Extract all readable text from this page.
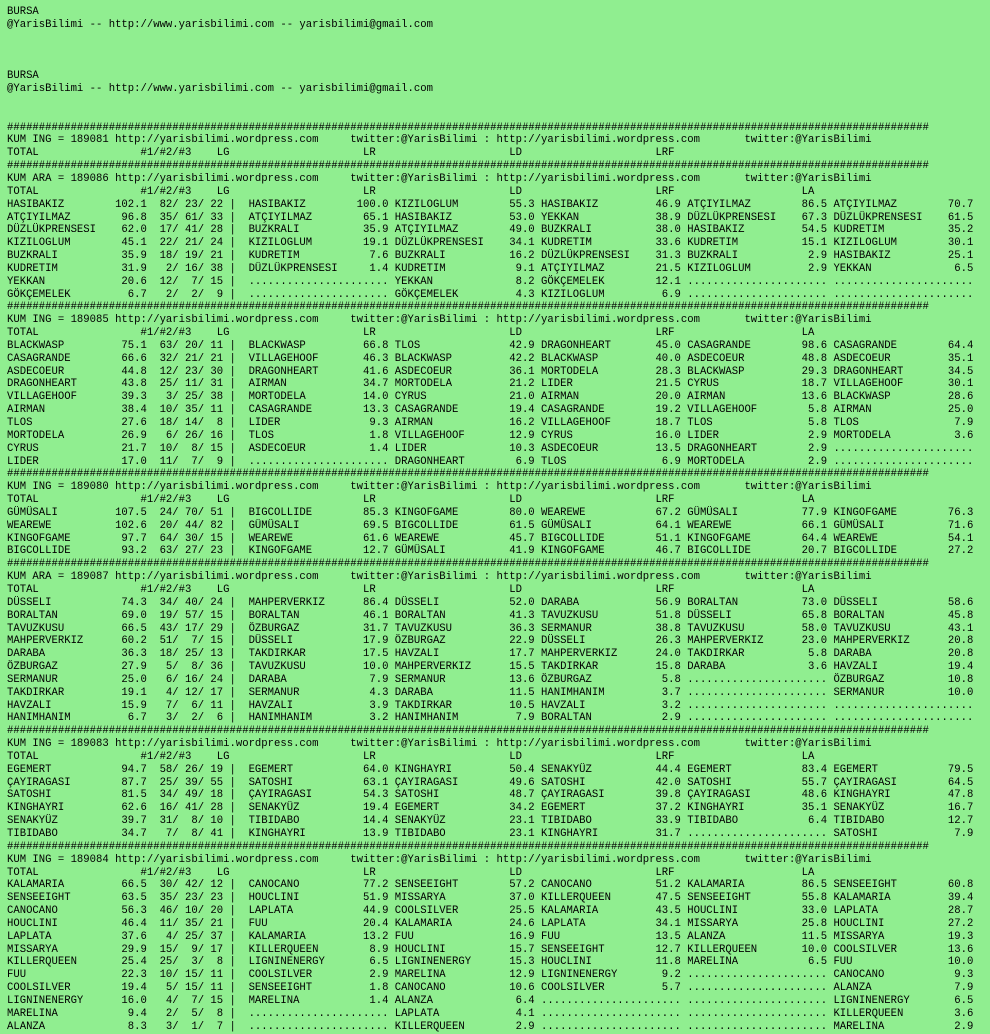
BURSA
@YarisBilimi -- http://www.yarisbilimi.com -- yarisbilimi@gmail.com
BURSA
@YarisBilimi -- http://www.yarisbilimi.com -- yarisbilimi@gmail.com
#################################################################################################################################################
KUM ING = 189081 http://yarisbilimi.wordpress.com     twitter:@YarisBilimi : http://yarisbilimi.wordpress.com       twitter:@YarisBilimi
TOTAL                #1/#2/#3    LG                     LR                     LD                     LRF
#################################################################################################################################################
KUM ARA = 189086 http://yarisbilimi.wordpress.com     twitter:@YarisBilimi : http://yarisbilimi.wordpress.com       twitter:@YarisBilimi
TOTAL                #1/#2/#3    LG                     LR                     LD                     LRF                    LA
HASIBAKIZ        102.1  82/ 23/ 22 |  HASIBAKIZ        100.0 KIZILOGLUM        55.3 HASIBAKIZ         46.9 ATÇIYILMAZ        86.5 ATÇIYILMAZ        70.7
ATÇIYILMAZ        96.8  35/ 61/ 33 |  ATÇIYILMAZ        65.1 HASIBAKIZ         53.0 YEKKAN            38.9 DÜZLÜKPRENSESI    67.3 DÜZLÜKPRENSESI    61.5
DÜZLÜKPRENSESI    62.0  17/ 41/ 28 |  BUZKRALI          35.9 ATÇIYILMAZ        49.0 BUZKRALI          38.0 HASIBAKIZ         54.5 KUDRETIM          35.2
KIZILOGLUM        45.1  22/ 21/ 24 |  KIZILOGLUM        19.1 DÜZLÜKPRENSESI    34.1 KUDRETIM          33.6 KUDRETIM          15.1 KIZILOGLUM        30.1
BUZKRALI          35.9  18/ 19/ 21 |  KUDRETIM           7.6 BUZKRALI          16.2 DÜZLÜKPRENSESI    31.3 BUZKRALI           2.9 HASIBAKIZ         25.1
KUDRETIM          31.9   2/ 16/ 38 |  DÜZLÜKPRENSESI     1.4 KUDRETIM           9.1 ATÇIYILMAZ        21.5 KIZILOGLUM         2.9 YEKKAN             6.5
YEKKAN            20.6  12/  7/ 15 |  ...................... YEKKAN             8.2 GÖKÇEMELEK        12.1 ...................... ......................
GÖKÇEMELEK         6.7   2/  2/  9 |  ...................... GÖKÇEMELEK         4.3 KIZILOGLUM         6.9 ...................... ......................
#################################################################################################################################################
KUM ING = 189085 http://yarisbilimi.wordpress.com     twitter:@YarisBilimi : http://yarisbilimi.wordpress.com       twitter:@YarisBilimi
TOTAL                #1/#2/#3    LG                     LR                     LD                     LRF                    LA
BLACKWASP         75.1  63/ 20/ 11 |  BLACKWASP         66.8 TLOS              42.9 DRAGONHEART       45.0 CASAGRANDE        98.6 CASAGRANDE        64.4
CASAGRANDE        66.6  32/ 21/ 21 |  VILLAGEHOOF       46.3 BLACKWASP         42.2 BLACKWASP         40.0 ASDECOEUR         48.8 ASDECOEUR         35.1
ASDECOEUR         44.8  12/ 23/ 30 |  DRAGONHEART       41.6 ASDECOEUR         36.1 MORTODELA         28.3 BLACKWASP         29.3 DRAGONHEART       34.5
DRAGONHEART       43.8  25/ 11/ 31 |  AIRMAN            34.7 MORTODELA         21.2 LIDER             21.5 CYRUS             18.7 VILLAGEHOOF       30.1
VILLAGEHOOF       39.3   3/ 25/ 38 |  MORTODELA         14.0 CYRUS             21.0 AIRMAN            20.0 AIRMAN            13.6 BLACKWASP         28.6
AIRMAN            38.4  10/ 35/ 11 |  CASAGRANDE        13.3 CASAGRANDE        19.4 CASAGRANDE        19.2 VILLAGEHOOF        5.8 AIRMAN            25.0
TLOS              27.6  18/ 14/  8 |  LIDER              9.3 AIRMAN            16.2 VILLAGEHOOF       18.7 TLOS               5.8 TLOS               7.9
MORTODELA         26.9   6/ 26/ 16 |  TLOS               1.8 VILLAGEHOOF       12.9 CYRUS             16.0 LIDER              2.9 MORTODELA          3.6
CYRUS             21.7  10/  8/ 15 |  ASDECOEUR          1.4 LIDER             10.3 ASDECOEUR         13.5 DRAGONHEART        2.9 ......................
LIDER             17.0  11/  7/  9 |  ...................... DRAGONHEART        6.9 TLOS               6.9 MORTODELA          2.9 ......................
#################################################################################################################################################
KUM ING = 189080 http://yarisbilimi.wordpress.com     twitter:@YarisBilimi : http://yarisbilimi.wordpress.com       twitter:@YarisBilimi
TOTAL                #1/#2/#3    LG                     LR                     LD                     LRF                    LA
GÜMÜSALI         107.5  24/ 70/ 51 |  BIGCOLLIDE        85.3 KINGOFGAME        80.0 WEAREWE           67.2 GÜMÜSALI          77.9 KINGOFGAME        76.3
WEAREWE          102.6  20/ 44/ 82 |  GÜMÜSALI          69.5 BIGCOLLIDE        61.5 GÜMÜSALI          64.1 WEAREWE           66.1 GÜMÜSALI          71.6
KINGOFGAME        97.7  64/ 30/ 15 |  WEAREWE           61.6 WEAREWE           45.7 BIGCOLLIDE        51.1 KINGOFGAME        64.4 WEAREWE           54.1
BIGCOLLIDE        93.2  63/ 27/ 23 |  KINGOFGAME        12.7 GÜMÜSALI          41.9 KINGOFGAME        46.7 BIGCOLLIDE        20.7 BIGCOLLIDE        27.2
#################################################################################################################################################
KUM ARA = 189087 http://yarisbilimi.wordpress.com     twitter:@YarisBilimi : http://yarisbilimi.wordpress.com       twitter:@YarisBilimi
TOTAL                #1/#2/#3    LG                     LR                     LD                     LRF                    LA
DÜSSELI           74.3  34/ 40/ 24 |  MAHPERVERKIZ      86.4 DÜSSELI           52.0 DARABA            56.9 BORALTAN          73.0 DÜSSELI           58.6
BORALTAN          69.0  19/ 57/ 15 |  BORALTAN          46.1 BORALTAN          41.3 TAVUZKUSU         51.8 DÜSSELI           65.8 BORALTAN          45.8
TAVUZKUSU         66.5  43/ 17/ 29 |  ÖZBURGAZ          31.7 TAVUZKUSU         36.3 SERMANUR          38.8 TAVUZKUSU         58.0 TAVUZKUSU         43.1
MAHPERVERKIZ      60.2  51/  7/ 15 |  DÜSSELI           17.9 ÖZBURGAZ          22.9 DÜSSELI           26.3 MAHPERVERKIZ      23.0 MAHPERVERKIZ      20.8
DARABA            36.3  18/ 25/ 13 |  TAKDIRKAR         17.5 HAVZALI           17.7 MAHPERVERKIZ      24.0 TAKDIRKAR          5.8 DARABA            20.8
ÖZBURGAZ          27.9   5/  8/ 36 |  TAVUZKUSU         10.0 MAHPERVERKIZ      15.5 TAKDIRKAR         15.8 DARABA             3.6 HAVZALI           19.4
SERMANUR          25.0   6/ 16/ 24 |  DARABA             7.9 SERMANUR          13.6 ÖZBURGAZ           5.8 ...................... ÖZBURGAZ          10.8
TAKDIRKAR         19.1   4/ 12/ 17 |  SERMANUR           4.3 DARABA            11.5 HANIMHANIM         3.7 ...................... SERMANUR          10.0
HAVZALI           15.9   7/  6/ 11 |  HAVZALI            3.9 TAKDIRKAR         10.5 HAVZALI            3.2 ...................... ......................
HANIMHANIM         6.7   3/  2/  6 |  HANIMHANIM         3.2 HANIMHANIM         7.9 BORALTAN           2.9 ...................... ......................
#################################################################################################################################################
KUM ING = 189083 http://yarisbilimi.wordpress.com     twitter:@YarisBilimi : http://yarisbilimi.wordpress.com       twitter:@YarisBilimi
TOTAL                #1/#2/#3    LG                     LR                     LD                     LRF                    LA
EGEMERT           94.7  58/ 26/ 19 |  EGEMERT           64.0 KINGHAYRI         50.4 SENAKYÜZ          44.4 EGEMERT           83.4 EGEMERT           79.5
ÇAYIRAGASI        87.7  25/ 39/ 55 |  SATOSHI           63.1 ÇAYIRAGASI        49.6 SATOSHI           42.0 SATOSHI           55.7 ÇAYIRAGASI        64.5
SATOSHI           81.5  34/ 49/ 18 |  ÇAYIRAGASI        54.3 SATOSHI           48.7 ÇAYIRAGASI        39.8 ÇAYIRAGASI        48.6 KINGHAYRI         47.8
KINGHAYRI         62.6  16/ 41/ 28 |  SENAKYÜZ          19.4 EGEMERT           34.2 EGEMERT           37.2 KINGHAYRI         35.1 SENAKYÜZ          16.7
SENAKYÜZ          39.7  31/  8/ 10 |  TIBIDABO          14.4 SENAKYÜZ          23.1 TIBIDABO          33.9 TIBIDABO           6.4 TIBIDABO          12.7
TIBIDABO          34.7   7/  8/ 41 |  KINGHAYRI         13.9 TIBIDABO          23.1 KINGHAYRI         31.7 ...................... SATOSHI            7.9
#################################################################################################################################################
KUM ING = 189084 http://yarisbilimi.wordpress.com     twitter:@YarisBilimi : http://yarisbilimi.wordpress.com       twitter:@YarisBilimi
TOTAL                #1/#2/#3    LG                     LR                     LD                     LRF                    LA
KALAMARIA         66.5  30/ 42/ 12 |  CANOCANO          77.2 SENSEEIGHT        57.2 CANOCANO          51.2 KALAMARIA         86.5 SENSEEIGHT        60.8
SENSEEIGHT        63.5  35/ 23/ 23 |  HOUCLINI          51.9 MISSARYA          37.0 KILLERQUEEN       47.5 SENSEEIGHT        55.8 KALAMARIA         39.4
CANOCANO          56.3  46/ 10/ 20 |  LAPLATA           44.9 COOLSILVER        25.5 KALAMARIA         43.5 HOUCLINI          33.0 LAPLATA           28.7
HOUCLINI          46.4  11/ 35/ 21 |  FUU               20.4 KALAMARIA         24.6 LAPLATA           34.1 MISSARYA          25.8 HOUCLINI          27.2
LAPLATA           37.6   4/ 25/ 37 |  KALAMARIA         13.2 FUU               16.9 FUU               13.5 ALANZA            11.5 MISSARYA          19.3
MISSARYA          29.9  15/  9/ 17 |  KILLERQUEEN        8.9 HOUCLINI          15.7 SENSEEIGHT        12.7 KILLERQUEEN       10.0 COOLSILVER        13.6
KILLERQUEEN       25.4  25/  3/  8 |  LIGNINENERGY       6.5 LIGNINENERGY      15.3 HOUCLINI          11.8 MARELINA           6.5 FUU               10.0
FUU               22.3  10/ 15/ 11 |  COOLSILVER         2.9 MARELINA          12.9 LIGNINENERGY       9.2 ...................... CANOCANO           9.3
COOLSILVER        19.4   5/ 15/ 11 |  SENSEEIGHT         1.8 CANOCANO          10.6 COOLSILVER         5.7 ...................... ALANZA             7.9
LIGNINENERGY      16.0   4/  7/ 15 |  MARELINA           1.4 ALANZA             6.4 ...................... ...................... LIGNINENERGY       6.5
MARELINA           9.4   2/  5/  8 |  ...................... LAPLATA            4.1 ...................... ...................... KILLERQUEEN        3.6
ALANZA             8.3   3/  1/  7 |  ...................... KILLERQUEEN        2.9 ...................... ...................... MARELINA           2.9
